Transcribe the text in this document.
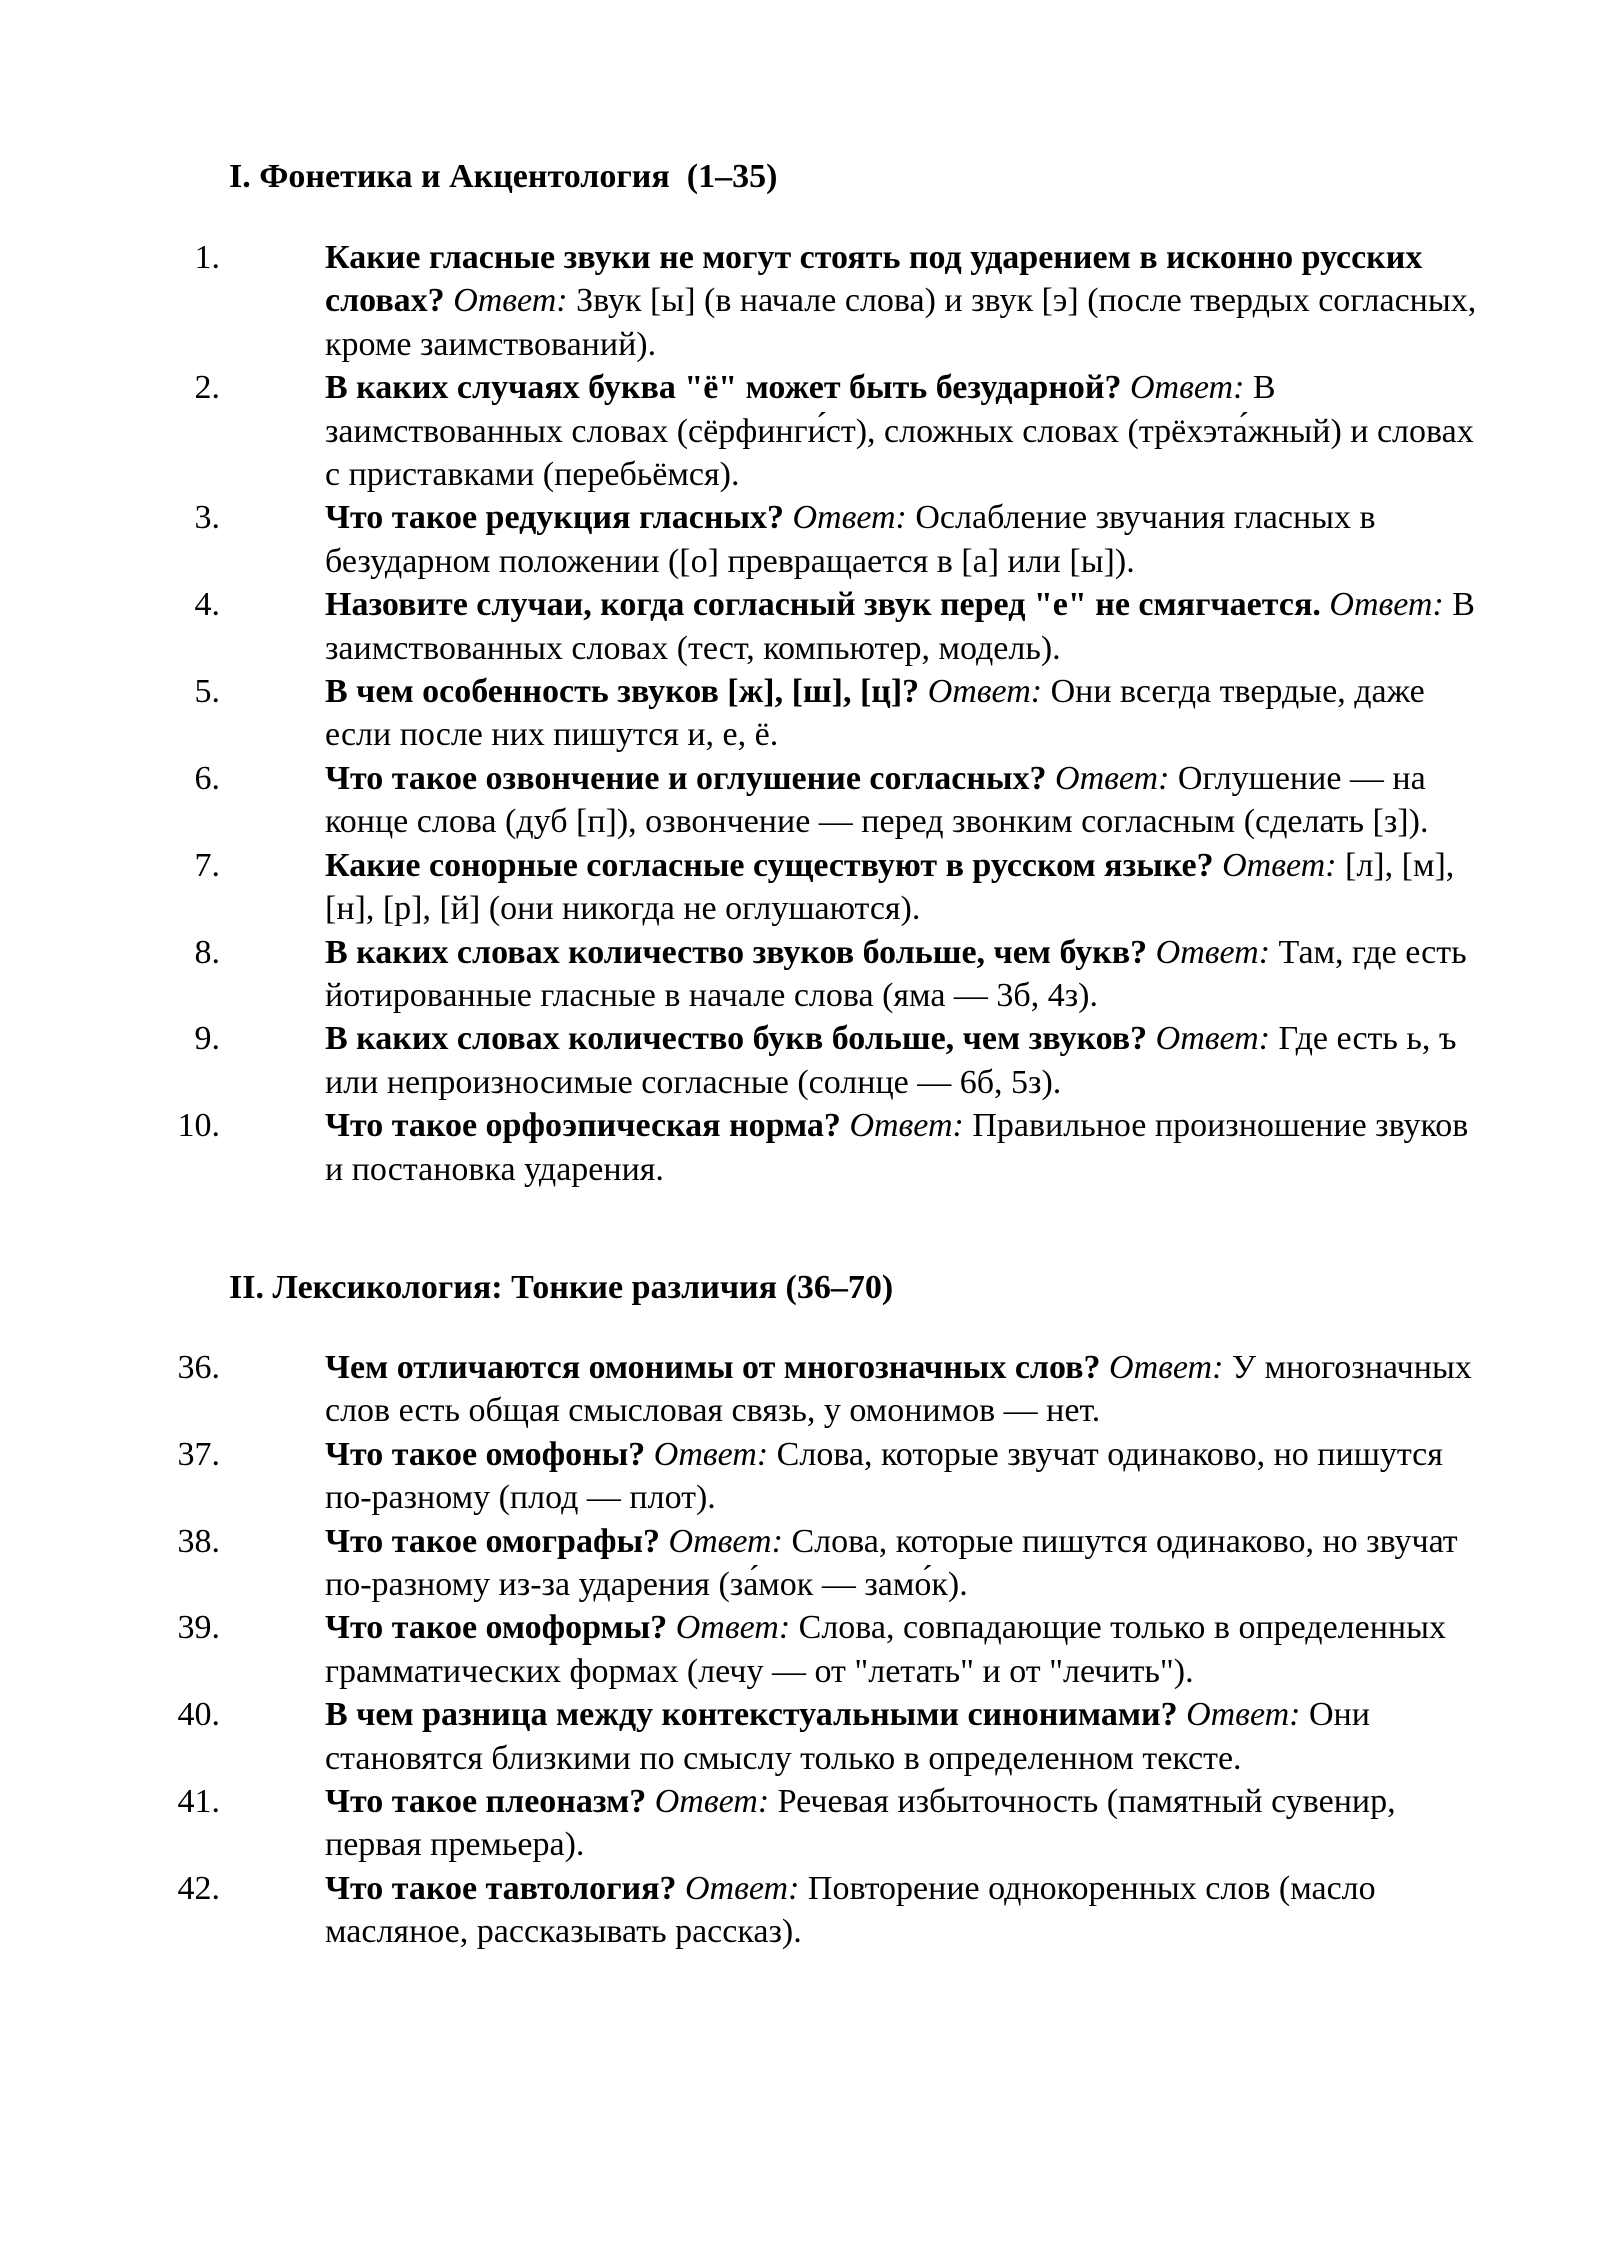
I. Фонетика и Акцентология  (1–35)
1.	Какие гласные звуки не могут стоять под ударением в исконно русских словах? Ответ: Звук [ы] (в начале слова) и звук [э] (после твердых согласных, кроме заимствований).
2.	В каких случаях буква "ё" может быть безударной? Ответ: В заимствованных словах (сёрфинги́ст), сложных словах (трёхэта́жный) и словах с приставками (перебьёмся).
3.	Что такое редукция гласных? Ответ: Ослабление звучания гласных в безударном положении ([о] превращается в [а] или [ы]).
4.	Назовите случаи, когда согласный звук перед "е" не смягчается. Ответ: В заимствованных словах (тест, компьютер, модель).
5.	В чем особенность звуков [ж], [ш], [ц]? Ответ: Они всегда твердые, даже если после них пишутся и, е, ё.
6.	Что такое озвончение и оглушение согласных? Ответ: Оглушение — на конце слова (дуб [п]), озвончение — перед звонким согласным (сделать [з]).
7.	Какие сонорные согласные существуют в русском языке? Ответ: [л], [м], [н], [р], [й] (они никогда не оглушаются).
8.	В каких словах количество звуков больше, чем букв? Ответ: Там, где есть йотированные гласные в начале слова (яма — 3б, 4з).
9.	В каких словах количество букв больше, чем звуков? Ответ: Где есть ь, ъ или непроизносимые согласные (солнце — 6б, 5з).
10.	Что такое орфоэпическая норма? Ответ: Правильное произношение звуков и постановка ударения.
II. Лексикология: Тонкие различия (36–70)
36.	Чем отличаются омонимы от многозначных слов? Ответ: У многозначных слов есть общая смысловая связь, у омонимов — нет.
37.	Что такое омофоны? Ответ: Слова, которые звучат одинаково, но пишутся по-разному (плод — плот).
38.	Что такое омографы? Ответ: Слова, которые пишутся одинаково, но звучат по-разному из-за ударения (за́мок — замо́к).
39.	Что такое омоформы? Ответ: Слова, совпадающие только в определенных грамматических формах (лечу — от "летать" и от "лечить").
40.	В чем разница между контекстуальными синонимами? Ответ: Они становятся близкими по смыслу только в определенном тексте.
41.	Что такое плеоназм? Ответ: Речевая избыточность (памятный сувенир, первая премьера).
42.	Что такое тавтология? Ответ: Повторение однокоренных слов (масло масляное, рассказывать рассказ).
